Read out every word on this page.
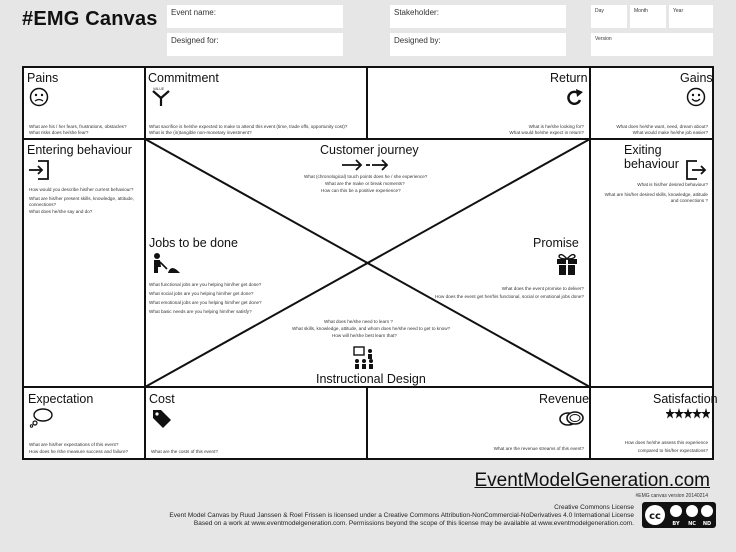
#EMG Canvas Event name:
Designed for:
Stakeholder:
Designed by:
Day	Month	Year
Version
Pains
What are his / her fears, frustrations, obstacles?
What risks does he/she fear?
Commitment
VALUE
What sacrifice is he/she expected to make to attend this event (time, trade offs, opportunity cost)?
What is the (in)tangible non-monetary investment?
Return
What is he/she looking for?
What would he/she expect in return?
Gains
What does he/she want, need, dream about?
What would make he/she job easier?
Entering behaviour
How would you describe his/her current behaviour?
What are his/her present skills, knowledge, attitude, connections?
What does he/she say and do?
Customer journey
What (chronological) touch points does he / she experience?
What are the make or break moments?
How can this be a positive experience?
Exiting behaviour
What is his/her desired behaviour?
What are his/her desired skills, knowledge, attitude and connections ?
Jobs to be done
What functional jobs are you helping him/her get done?
What social jobs are you helping him/her get done?
What emotional jobs are you helping him/her get done?
What basic needs are you helping him/her satisfy?
Promise
What does the event promise to deliver?
How does the event get her/his functional, social or emotional jobs done?
What does he/she need to learn ?
What skills, knowledge, attitude, and whom does he/she need to get to know?
How will he/she best learn that?
Instructional Design
Expectation
What are his/her expectations of this event?
How does he /she measure success and failure?
Cost
What are the costs of this event?
Revenue
What are the revenue streams of this event?
Satisfaction
How does he/she assess this experience
compared to his/her expectations?
EventModelGeneration.com
#EMG canvas version 20140214
Creative Commons License
Event Model Canvas by Ruud Janssen & Roel Frissen is licensed under a Creative Commons Attribution-NonCommercial-NoDerivatives 4.0 International License
Based on a work at www.eventmodelgeneration.com. Permissions beyond the scope of this license may be available at www.eventmodelgeneration.com.
cc
BY NC ND
